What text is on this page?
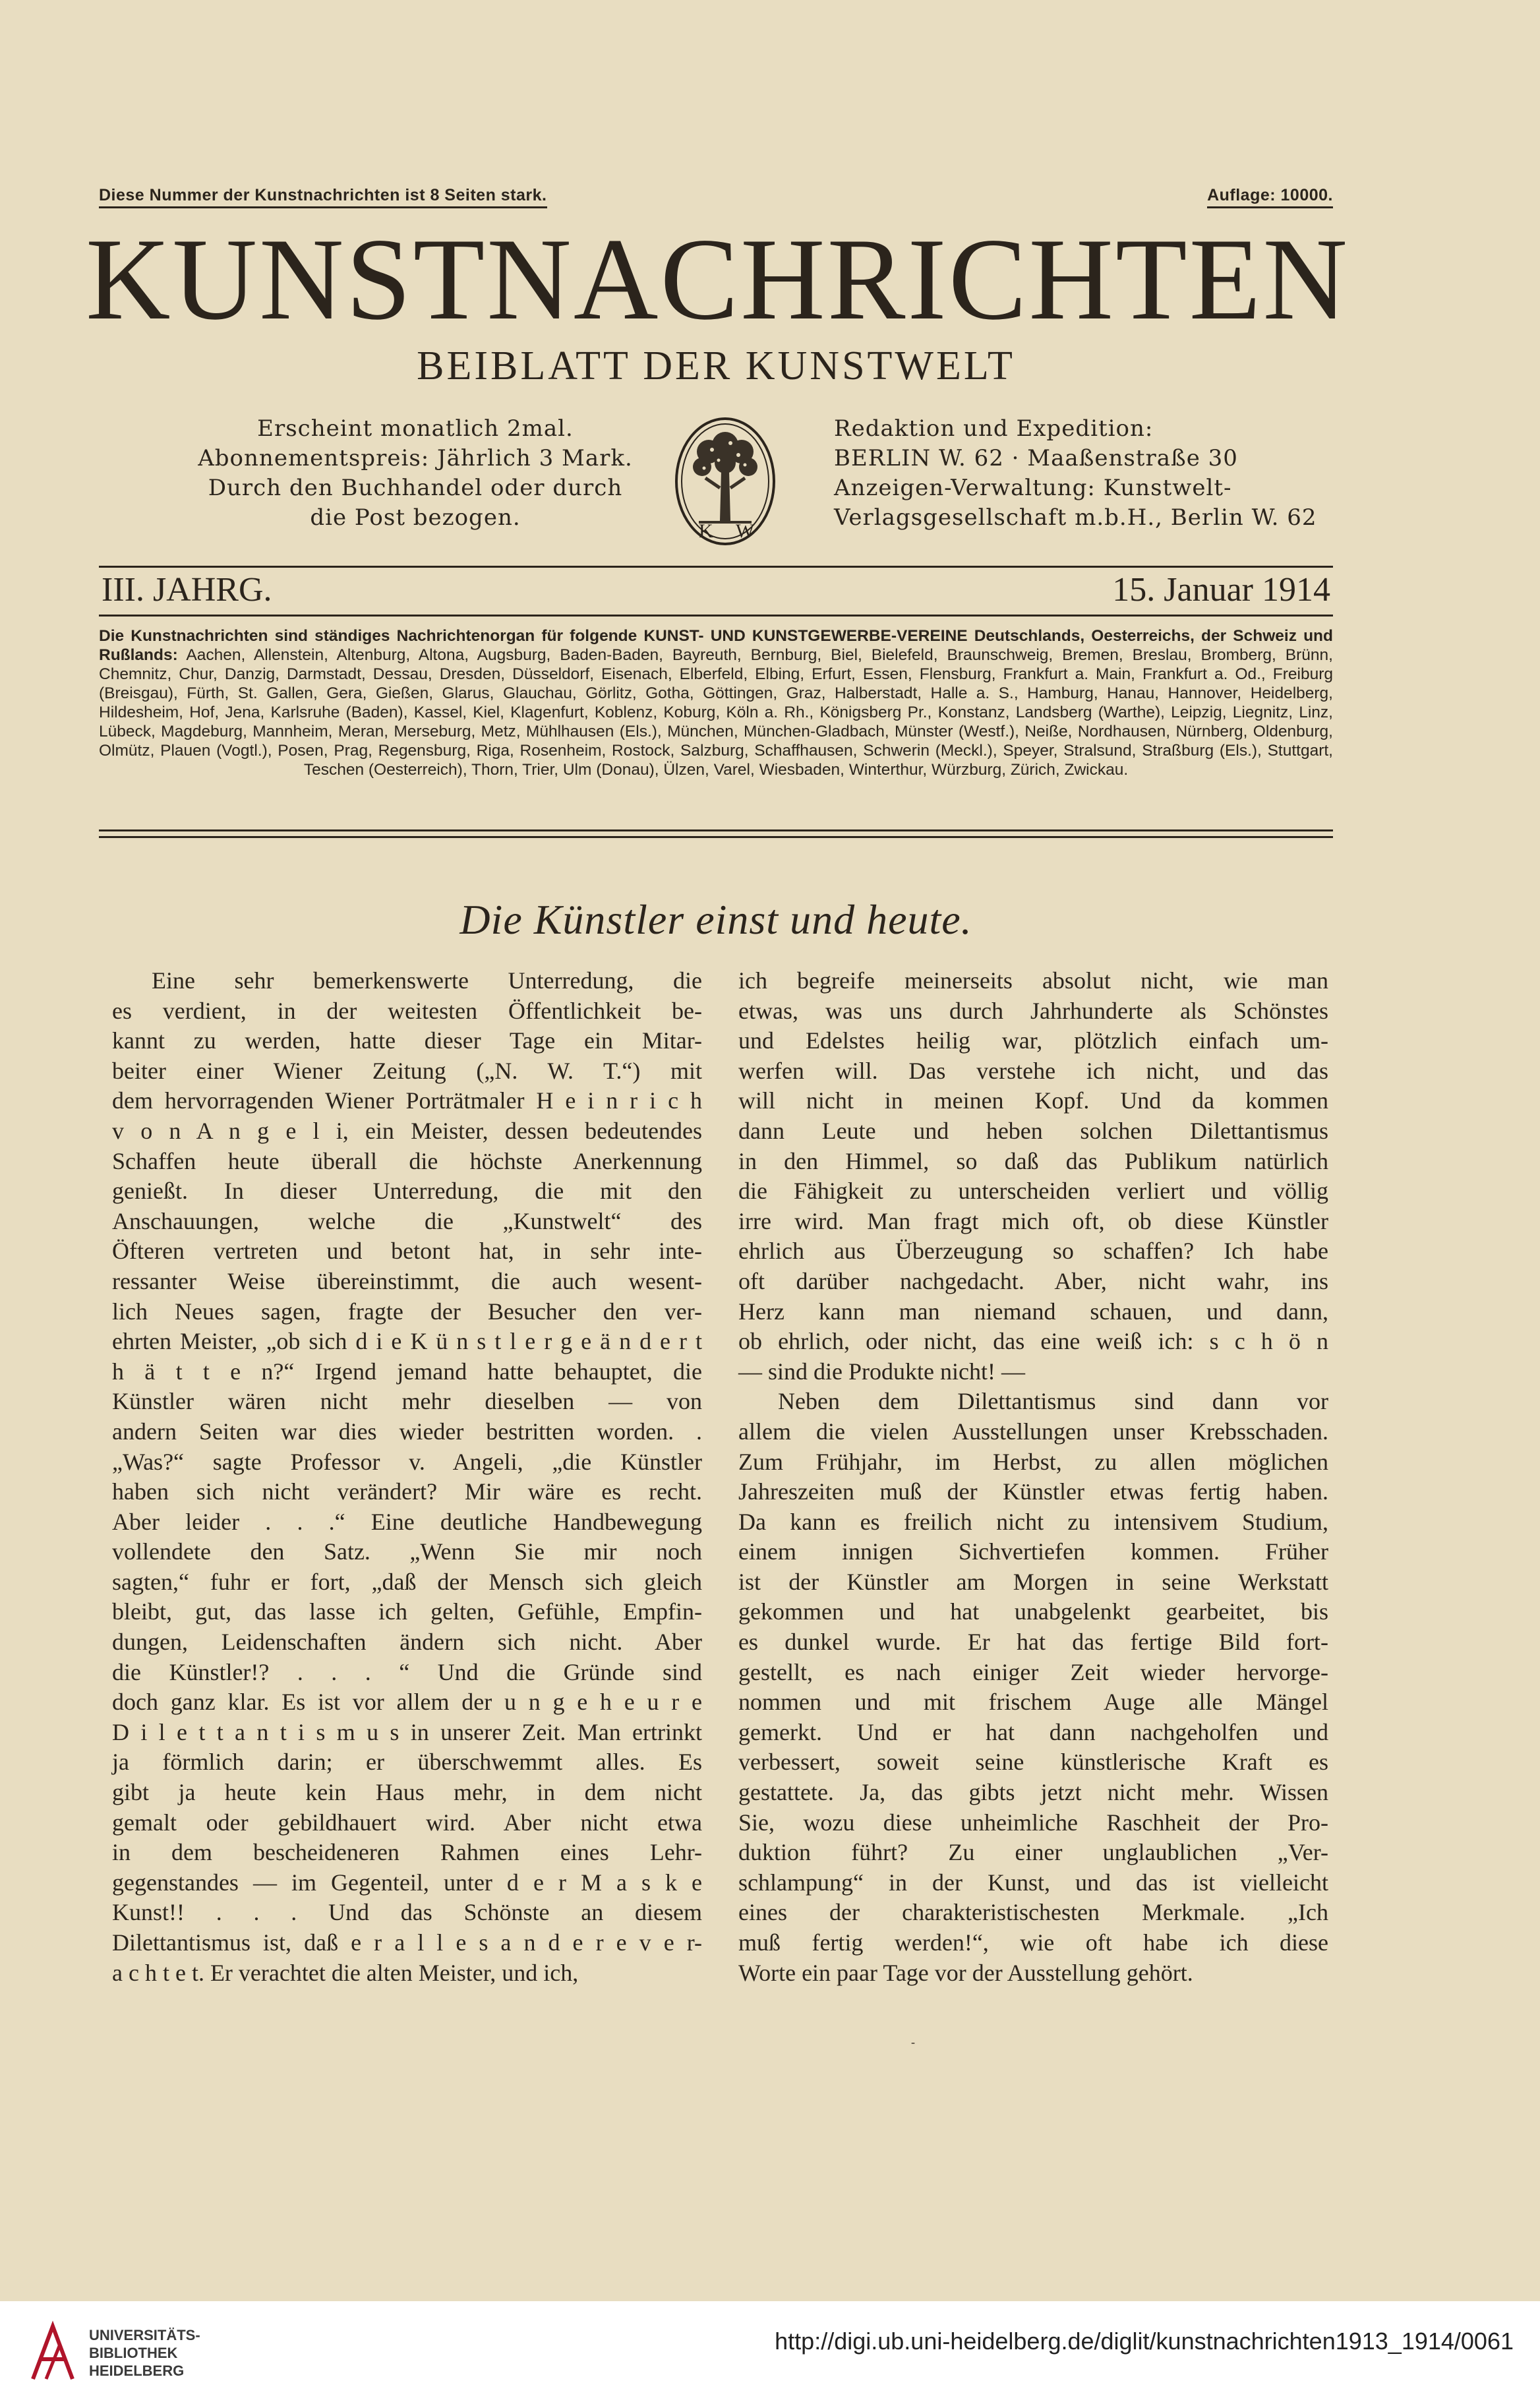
Diese Nummer der Kunstnachrichten ist 8 Seiten stark.	Auflage: 10000.
KUNSTNACHRICHTEN
BEIBLATT DER KUNSTWELT
Erscheint monatlich 2mal.
Abonnementspreis: Jährlich 3 Mark.
Durch den Buchhandel oder durch
die Post bezogen.
K W
Redaktion und Expedition:
BERLIN W. 62 · Maaßenstraße 30
Anzeigen-Verwaltung: Kunstwelt-
Verlagsgesellschaft m.b.H., Berlin W. 62
III. JAHRG.	15. Januar 1914
Die Kunstnachrichten sind ständiges Nachrichtenorgan für folgende KUNST- UND KUNSTGEWERBE-VEREINE Deutschlands, Oesterreichs, der Schweiz und Rußlands: Aachen, Allenstein, Altenburg, Altona, Augsburg, Baden-Baden, Bayreuth, Bernburg, Biel, Bielefeld, Braunschweig, Bremen, Breslau, Bromberg, Brünn, Chemnitz, Chur, Danzig, Darmstadt, Dessau, Dresden, Düsseldorf, Eisenach, Elberfeld, Elbing, Erfurt, Essen, Flensburg, Frankfurt a. Main, Frankfurt a. Od., Freiburg (Breisgau), Fürth, St. Gallen, Gera, Gießen, Glarus, Glauchau, Görlitz, Gotha, Göttingen, Graz, Halberstadt, Halle a. S., Hamburg, Hanau, Hannover, Heidelberg, Hildesheim, Hof, Jena, Karlsruhe (Baden), Kassel, Kiel, Klagenfurt, Koblenz, Koburg, Köln a. Rh., Königsberg Pr., Konstanz, Landsberg (Warthe), Leipzig, Liegnitz, Linz, Lübeck, Magdeburg, Mannheim, Meran, Merseburg, Metz, Mühlhausen (Els.), München, München-Gladbach, Münster (Westf.), Neiße, Nordhausen, Nürnberg, Oldenburg, Olmütz, Plauen (Vogtl.), Posen, Prag, Regensburg, Riga, Rosenheim, Rostock, Salzburg, Schaffhausen, Schwerin (Meckl.), Speyer, Stralsund, Straßburg (Els.), Stuttgart, Teschen (Oesterreich), Thorn, Trier, Ulm (Donau), Ülzen, Varel, Wiesbaden, Winterthur, Würzburg, Zürich, Zwickau.
Die Künstler einst und heute.
Eine sehr bemerkenswerte Unterredung, die
es verdient, in der weitesten Öffentlichkeit be-
kannt zu werden, hatte dieser Tage ein Mitar-
beiter einer Wiener Zeitung („N. W. T.“) mit
dem hervorragenden Wiener Porträtmaler H e i n r i c h
v o n A n g e l i, ein Meister, dessen bedeutendes
Schaffen heute überall die höchste Anerkennung
genießt. In dieser Unterredung, die mit den
Anschauungen, welche die „Kunstwelt“ des
Öfteren vertreten und betont hat, in sehr inte-
ressanter Weise übereinstimmt, die auch wesent-
lich Neues sagen, fragte der Besucher den ver-
ehrten Meister, „ob sich d i e K ü n s t l e r g e ä n d e r t
h ä t t e n?“ Irgend jemand hatte behauptet, die
Künstler wären nicht mehr dieselben — von
andern Seiten war dies wieder bestritten worden. .
„Was?“ sagte Professor v. Angeli, „die Künstler
haben sich nicht verändert? Mir wäre es recht.
Aber leider . . .“ Eine deutliche Handbewegung
vollendete den Satz. „Wenn Sie mir noch
sagten,“ fuhr er fort, „daß der Mensch sich gleich
bleibt, gut, das lasse ich gelten, Gefühle, Empfin-
dungen, Leidenschaften ändern sich nicht. Aber
die Künstler!? . . . “ Und die Gründe sind
doch ganz klar. Es ist vor allem der u n g e h e u r e
D i l e t t a n t i s m u s in unserer Zeit. Man ertrinkt
ja förmlich darin; er überschwemmt alles. Es
gibt ja heute kein Haus mehr, in dem nicht
gemalt oder gebildhauert wird. Aber nicht etwa
in dem bescheideneren Rahmen eines Lehr-
gegenstandes — im Gegenteil, unter d e r M a s k e
Kunst!! . . . Und das Schönste an diesem
Dilettantismus ist, daß e r a l l e s a n d e r e v e r-
a c h t e t. Er verachtet die alten Meister, und ich,
ich begreife meinerseits absolut nicht, wie man
etwas, was uns durch Jahrhunderte als Schönstes
und Edelstes heilig war, plötzlich einfach um-
werfen will. Das verstehe ich nicht, und das
will nicht in meinen Kopf. Und da kommen
dann Leute und heben solchen Dilettantismus
in den Himmel, so daß das Publikum natürlich
die Fähigkeit zu unterscheiden verliert und völlig
irre wird. Man fragt mich oft, ob diese Künstler
ehrlich aus Überzeugung so schaffen? Ich habe
oft darüber nachgedacht. Aber, nicht wahr, ins
Herz kann man niemand schauen, und dann,
ob ehrlich, oder nicht, das eine weiß ich: s c h ö n
— sind die Produkte nicht! —
Neben dem Dilettantismus sind dann vor
allem die vielen Ausstellungen unser Krebsschaden.
Zum Frühjahr, im Herbst, zu allen möglichen
Jahreszeiten muß der Künstler etwas fertig haben.
Da kann es freilich nicht zu intensivem Studium,
einem innigen Sichvertiefen kommen. Früher
ist der Künstler am Morgen in seine Werkstatt
gekommen und hat unabgelenkt gearbeitet, bis
es dunkel wurde. Er hat das fertige Bild fort-
gestellt, es nach einiger Zeit wieder hervorge-
nommen und mit frischem Auge alle Mängel
gemerkt. Und er hat dann nachgeholfen und
verbessert, soweit seine künstlerische Kraft es
gestattete. Ja, das gibts jetzt nicht mehr. Wissen
Sie, wozu diese unheimliche Raschheit der Pro-
duktion führt? Zu einer unglaublichen „Ver-
schlampung“ in der Kunst, und das ist vielleicht
eines der charakteristischesten Merkmale. „Ich
muß fertig werden!“, wie oft habe ich diese
Worte ein paar Tage vor der Ausstellung gehört.
-
UNIVERSITÄTS-
BIBLIOTHEK
HEIDELBERG
http://digi.ub.uni-heidelberg.de/diglit/kunstnachrichten1913_1914/0061
